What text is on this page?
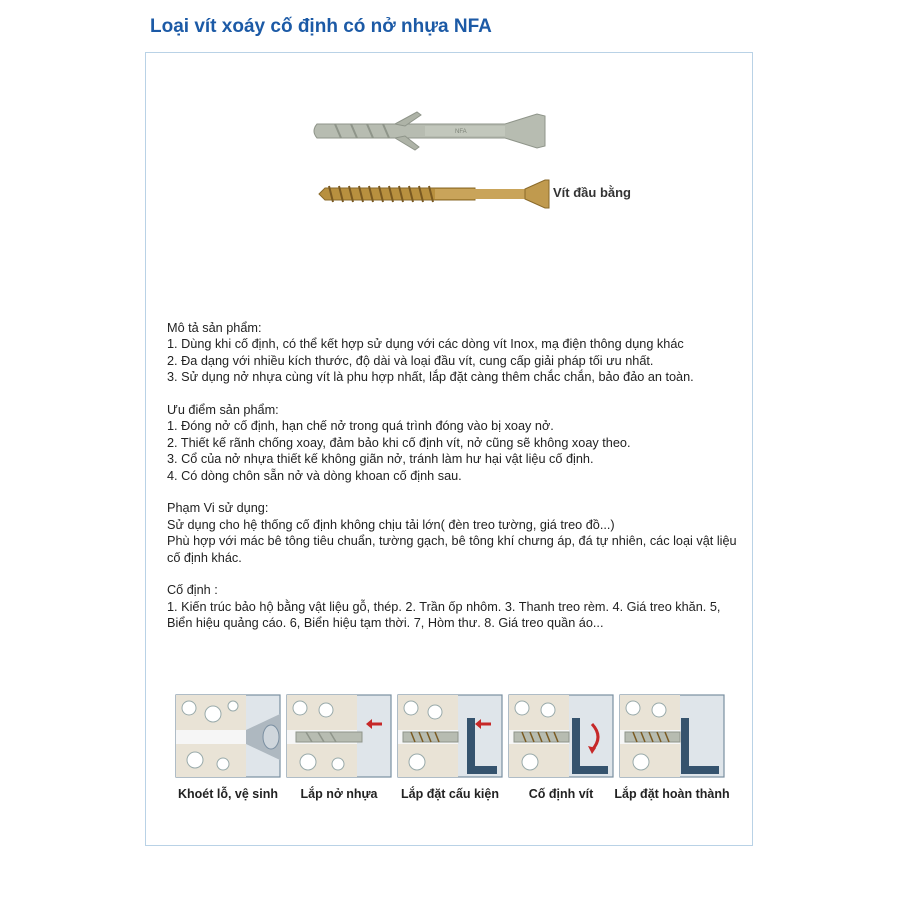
Loại vít xoáy cố định có nở nhựa NFA
NFA
Vít đầu bằng

Mô tả sản phẩm:

1. Dùng khi cố định, có thể kết hợp sử dụng với các dòng vít Inox, mạ điện thông dụng khác

2. Đa dạng với nhiều kích thước, độ dài và loại đầu vít, cung cấp giải pháp tối ưu nhất.

3. Sử dụng nở nhựa cùng vít là phu hợp nhất, lắp đặt càng thêm chắc chắn, bảo đảo an toàn.

Ưu điểm sản phẩm:

1. Đóng nở cố định, hạn chế nở trong quá trình đóng vào bị xoay nở.

2. Thiết kế rãnh chống xoay, đảm bảo khi cố định vít, nở cũng sẽ không xoay theo.

3. Cổ của nở nhựa thiết kế không giãn nở, tránh làm hư hại vật liệu cố định.

4. Có dòng chôn sẵn nở và dòng khoan cố định sau.

Phạm Vi sử dụng:

Sử dụng cho hệ thống cố định không chịu tải lớn( đèn treo tường, giá treo đồ...)

Phù hợp với mác bê tông tiêu chuẩn, tường gạch, bê tông khí chưng áp, đá tự nhiên, các loại vật liệu cố định khác.

Cố định :

1. Kiến trúc bảo hộ bằng vật liệu gỗ, thép. 2. Trần ốp nhôm. 3. Thanh treo rèm. 4. Giá treo khăn. 5, Biển hiệu quảng cáo. 6, Biển hiệu tạm thời. 7, Hòm thư. 8. Giá treo quần áo...

Khoét lỗ, vệ sinh	Lắp nở nhựa	Lắp đặt cấu kiện	Cố định vít	Lắp đặt hoàn thành
